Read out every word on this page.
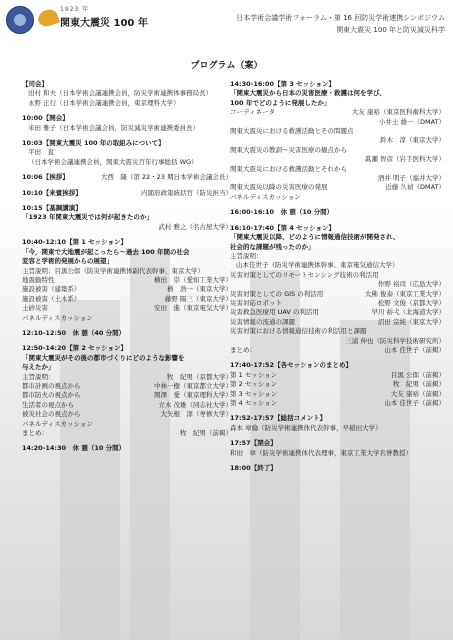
1923 年
関東大震災 100 年	日本学術会議学術フォーラム・第 16 回防災学術連携シンポジウム
関東大震災 100 年と防災減災科学
プログラム（案）
【司会】
田村 和夫（日本学術会議連携会員，防災学術連携体事務局長）
永野 正行（日本学術会議連携会員，東京理科大学）
10:00【開会】
米田 雅子（日本学術会議会員，防災減災学術連携委員長）
10:03【関東大震災 100 年の取組みについて】
平田　直
（日本学術会議連携会員，関東大震災百年行事総括 WG）
10:06【挨拶】	大西　隆（第 22・23 期日本学術会議会長）
10:10【来賓挨拶】	内閣府政策統括官（防災担当）
10:15【基調講演】
「1923 年関東大震災では何が起きたのか」
武村 雅之（名古屋大学）
10:40-12:10【第 1 セッション】
「今，関東で大地震が起こったら～過去 100 年間の社会
変容と学術的発展からの展望」
主旨説明：目黒公郎（防災学術連携体副代表幹事，東京大学）
地震動特性	横田　崇（愛知工業大学）
施設被害（建築系）	楢　浩一（東京大学）
施設被害（土木系）	藤野 陽三（東京大学）
土砂災害	安田　進（東京電気大学）
パネルディスカッション
12:10-12:50　休 憩（40 分間）
12:50-14:20【第 2 セッション】
「関東大震災がその後の都市づくりにどのような影響を
与えたか」
主旨説明：	牧　紀男（京都大学）
都市計画の視点から	中林一樹（東京都立大学）
都市防火の視点から	関澤　愛（東京理科大学）
生活者の視点から	立木 茂雄（同志社大学）
被災社会の視点から	大矢根　淳（専修大学）
パネルディスカッション
まとめ：	牧　紀男（前掲）
14:20-14:30　休 憩（10 分間）
14:30-16:00【第 3 セッション】
「関東大震災から日本の災害医療・救護は何を学び、
100 年でどのように発展したか」
コーディネータ	大友 康裕（東京医科歯科大学）
小井土 雄一（DMAT）
関東大震災における救護活動とその問題点
鈴木　淳（東京大学）
関東大震災の教訓～災害医療の観点から
眞瀬 智彦（岩手医科大学）
関東大震災における救護活動とそれから
酒井 明子（福井大学）
関東大震災以降の災害医療の発展	近藤 久禎（DMAT）
パネルディスカッション
16:00-16:10　休 憩（10 分間）
16:10-17:40【第 4 セッション】
「関東大震災以降、どのように情報通信技術が開発され、
社会的な課題が残ったのか」
主旨説明：
山本佳世子（防災学術連携体幹事、東京電気通信大学）
災害対策としてのリモートセンシング技術の利活用
作野 裕司（広島大学）
災害対策としての GIS の利活用	大佛 俊泰（東京工業大学）
災害対応ロボット	松野 文俊（京都大学）
災害救急医療用 UAV の利活用	早川 裕弌（北海道大学）
災害情報の流通の課題	沼田 宗純（東京大学）
災害対策における情報通信技術の利活用と課題
三浦 伸也（防災科学技術研究所）
まとめ：	山本 佳世子（前掲）
17:40-17:52【各セッションのまとめ】
第 1 セッション	目黒 公郎（前掲）
第 2 セッション	牧　紀男（前掲）
第 3 セッション	大友 康裕（前掲）
第 4 セッション	山本 佳世子（前掲）
17:52-17:57【総括コメント】
森本 章倫（防災学術連携体代表幹事，早稲田大学）
17:57【閉会】
和田　章（防災学術連携体代表理事，東京工業大学名誉教授）
18:00【終了】
